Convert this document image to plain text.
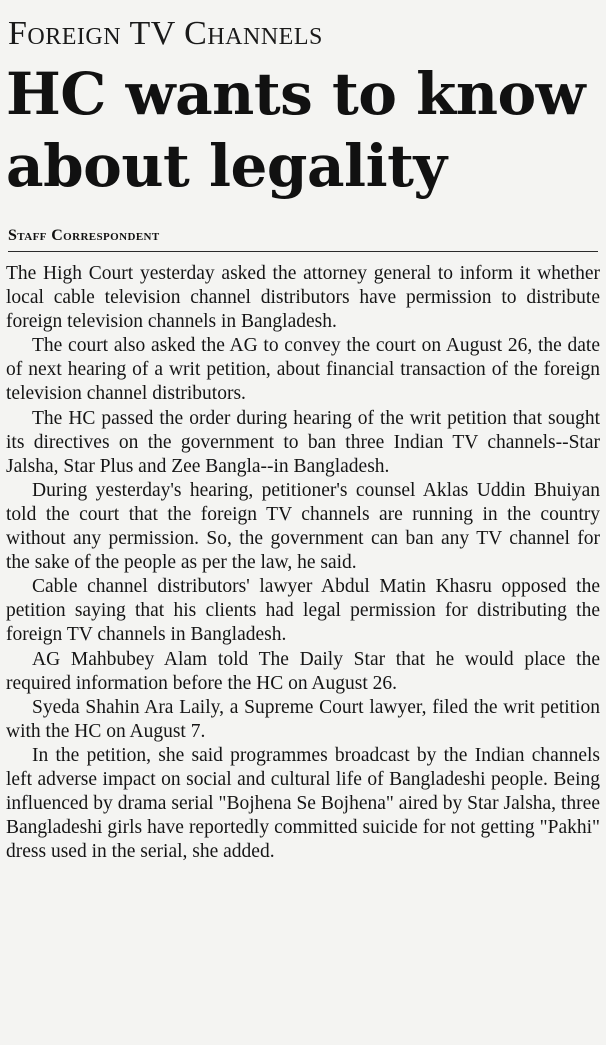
Foreign TV Channels
HC wants to know about legality
Staff Correspondent

The High Court yesterday asked the attorney general to inform it whether local cable television channel distributors have permission to distribute foreign television channels in Bangladesh.

The court also asked the AG to convey the court on August 26, the date of next hearing of a writ petition, about financial transaction of the foreign television channel distributors.

The HC passed the order during hearing of the writ petition that sought its directives on the government to ban three Indian TV channels--Star Jalsha, Star Plus and Zee Bangla--in Bangladesh.

During yesterday's hearing, petitioner's counsel Aklas Uddin Bhuiyan told the court that the foreign TV channels are running in the country without any permission. So, the government can ban any TV channel for the sake of the people as per the law, he said.

Cable channel distributors' lawyer Abdul Matin Khasru opposed the petition saying that his clients had legal permission for distributing the foreign TV channels in Bangladesh.

AG Mahbubey Alam told The Daily Star that he would place the required information before the HC on August 26.

Syeda Shahin Ara Laily, a Supreme Court lawyer, filed the writ petition with the HC on August 7.

In the petition, she said programmes broadcast by the Indian channels left adverse impact on social and cultural life of Bangladeshi people. Being influenced by drama serial "Bojhena Se Bojhena" aired by Star Jalsha, three Bangladeshi girls have reportedly committed suicide for not getting "Pakhi" dress used in the serial, she added.
